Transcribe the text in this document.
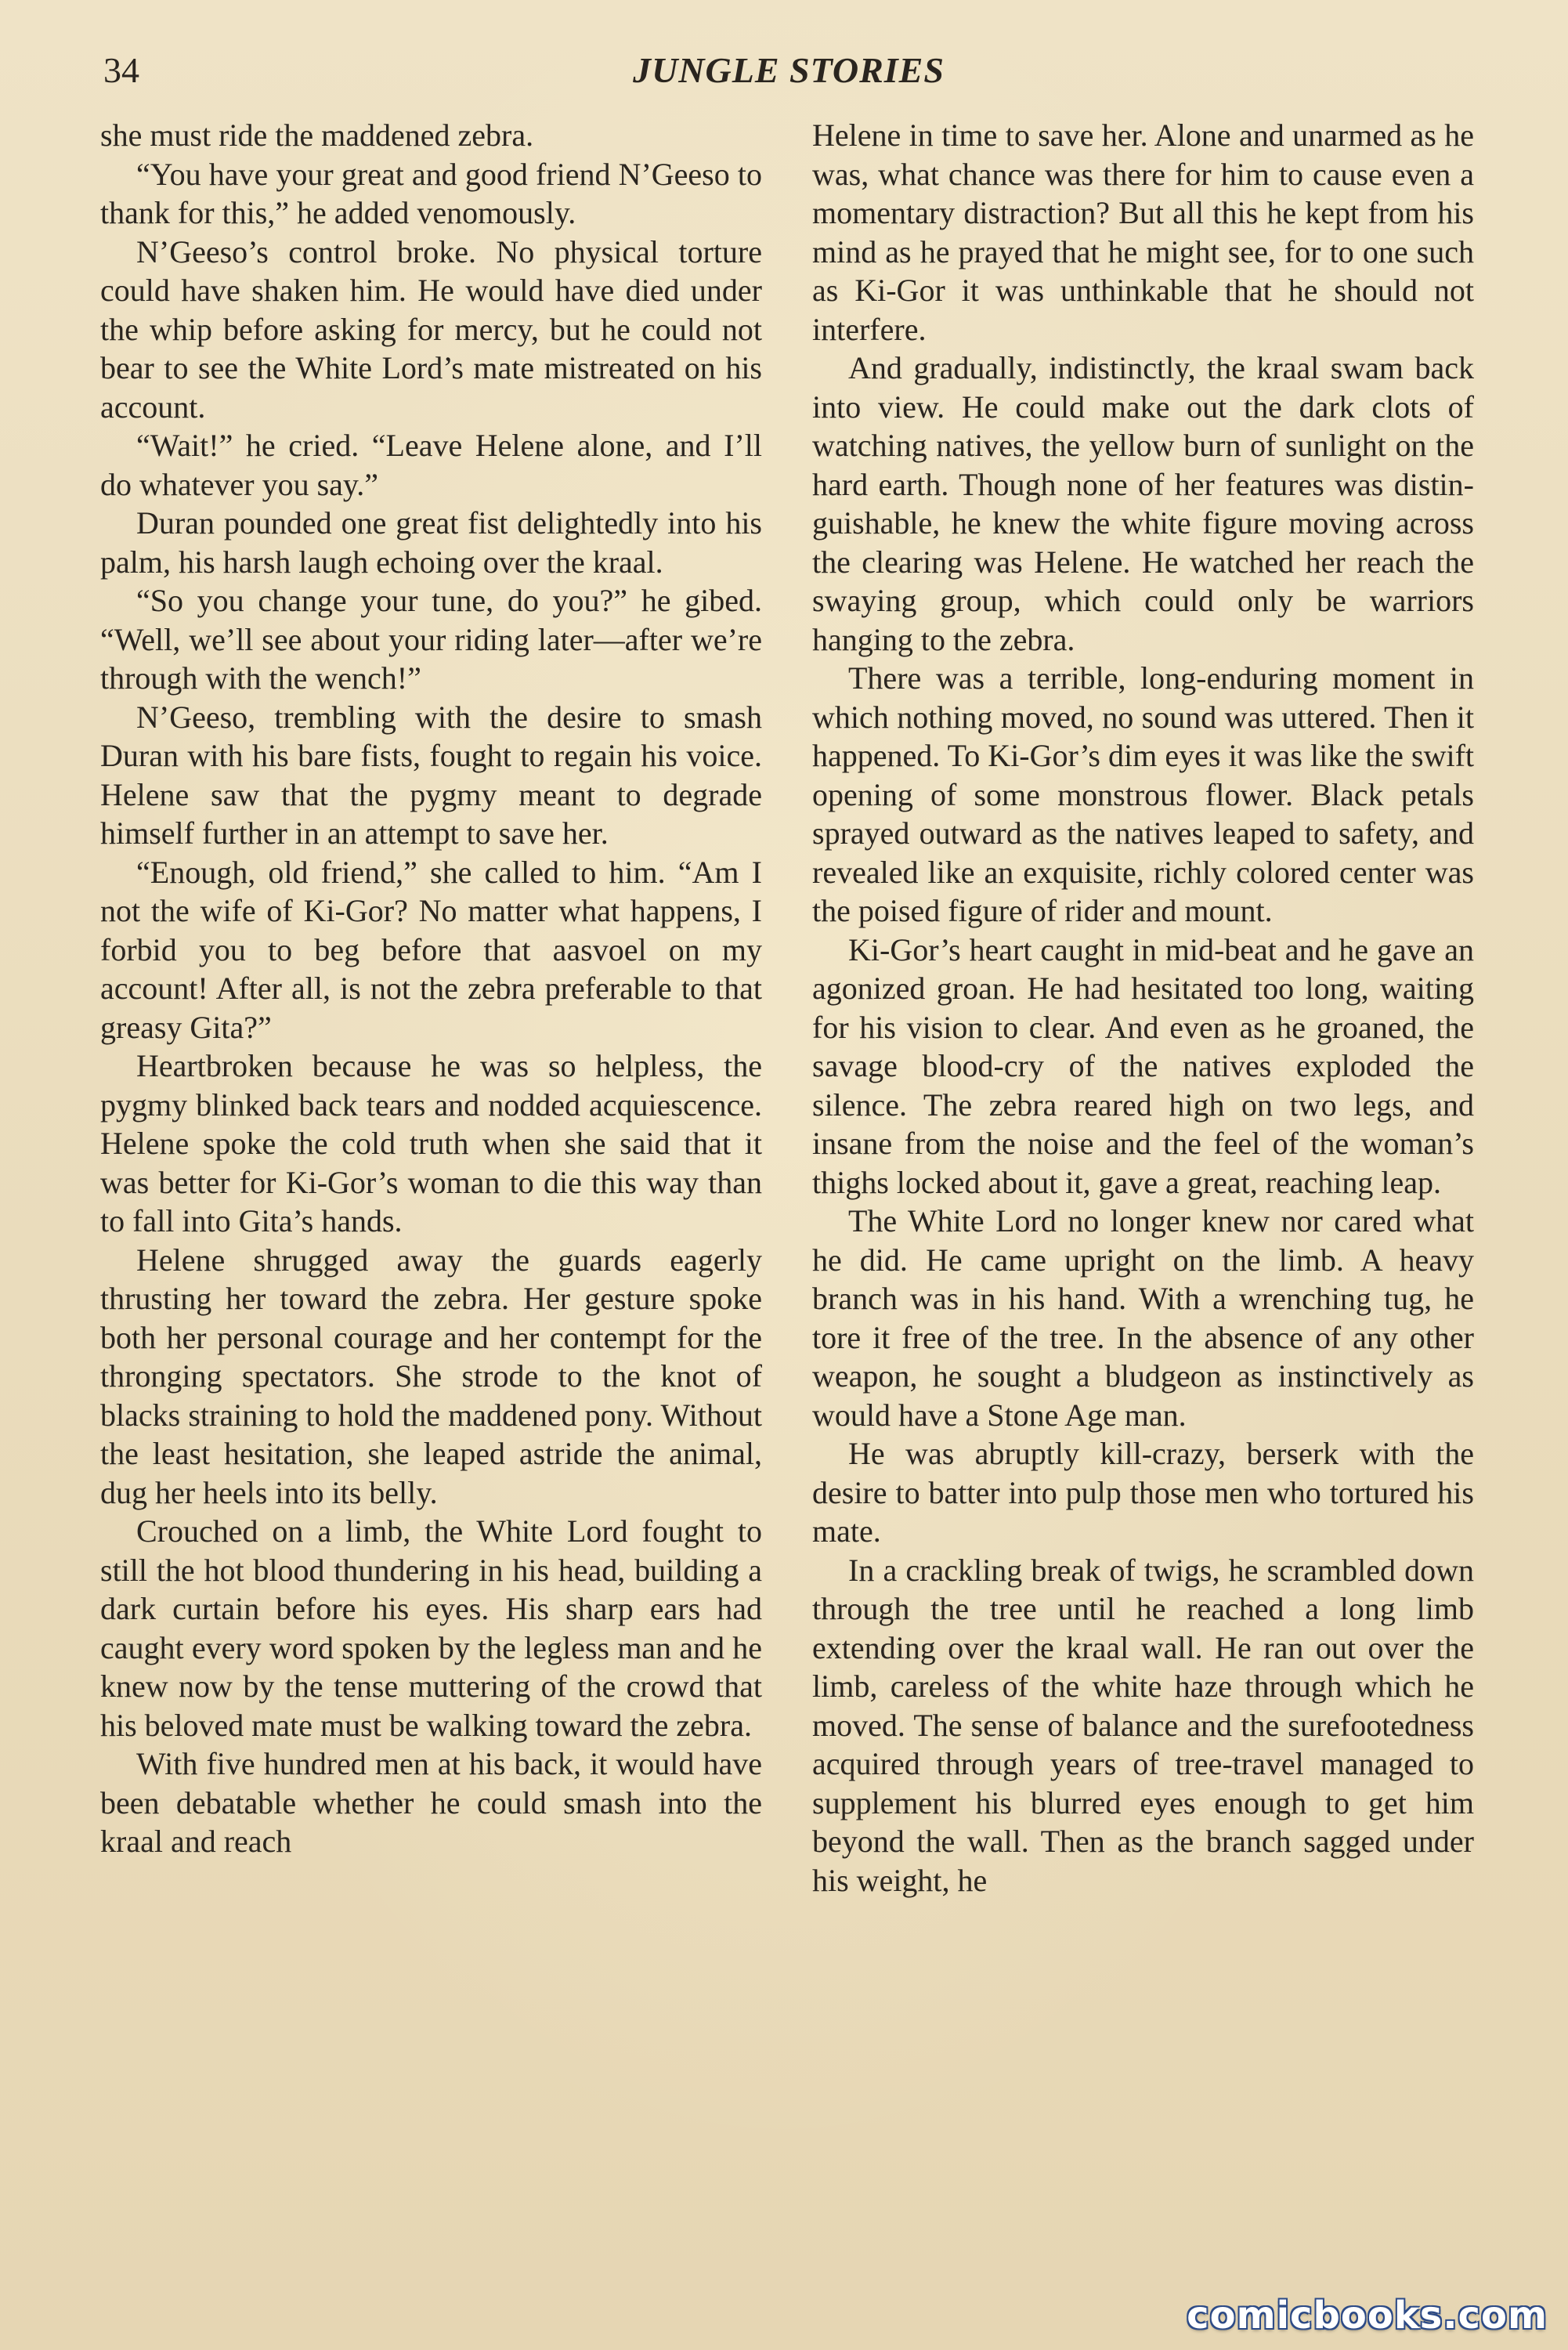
34	JUNGLE STORIES

she must ride the maddened zebra.

“You have your great and good friend N’Geeso to thank for this,” he added venomously.

N’Geeso’s control broke. No physical torture could have shaken him. He would have died under the whip before asking for mercy, but he could not bear to see the White Lord’s mate mistreated on his account.

“Wait!” he cried. “Leave Helene alone, and I’ll do whatever you say.”

Duran pounded one great fist delightedly into his palm, his harsh laugh echoing over the kraal.

“So you change your tune, do you?” he gibed. “Well, we’ll see about your riding later—after we’re through with the wench!”

N’Geeso, trembling with the desire to smash Duran with his bare fists, fought to regain his voice. Helene saw that the pygmy meant to degrade himself further in an attempt to save her.

“Enough, old friend,” she called to him. “Am I not the wife of Ki-Gor? No matter what happens, I forbid you to beg before that aasvoel on my account! After all, is not the zebra preferable to that greasy Gita?”

Heartbroken because he was so helpless, the pygmy blinked back tears and nodded acquiescence. Helene spoke the cold truth when she said that it was better for Ki-Gor’s woman to die this way than to fall into Gita’s hands.

Helene shrugged away the guards eagerly thrusting her toward the zebra. Her gesture spoke both her personal courage and her contempt for the thronging spectators. She strode to the knot of blacks straining to hold the maddened pony. Without the least hesitation, she leaped astride the animal, dug her heels into its belly.

Crouched on a limb, the White Lord fought to still the hot blood thundering in his head, building a dark curtain before his eyes. His sharp ears had caught every word spoken by the legless man and he knew now by the tense muttering of the crowd that his beloved mate must be walking toward the zebra.

With five hundred men at his back, it would have been debatable whether he could smash into the kraal and reach

Helene in time to save her. Alone and unarmed as he was, what chance was there for him to cause even a momentary distraction? But all this he kept from his mind as he prayed that he might see, for to one such as Ki-Gor it was unthinkable that he should not interfere.

And gradually, indistinctly, the kraal swam back into view. He could make out the dark clots of watching natives, the yellow burn of sunlight on the hard earth. Though none of her features was distinguishable, he knew the white figure moving across the clearing was Helene. He watched her reach the swaying group, which could only be warriors hanging to the zebra.

There was a terrible, long-enduring moment in which nothing moved, no sound was uttered. Then it happened. To Ki-Gor’s dim eyes it was like the swift opening of some monstrous flower. Black petals sprayed outward as the natives leaped to safety, and revealed like an exquisite, richly colored center was the poised figure of rider and mount.

Ki-Gor’s heart caught in mid-beat and he gave an agonized groan. He had hesitated too long, waiting for his vision to clear. And even as he groaned, the savage blood-cry of the natives exploded the silence. The zebra reared high on two legs, and insane from the noise and the feel of the woman’s thighs locked about it, gave a great, reaching leap.

The White Lord no longer knew nor cared what he did. He came upright on the limb. A heavy branch was in his hand. With a wrenching tug, he tore it free of the tree. In the absence of any other weapon, he sought a bludgeon as instinctively as would have a Stone Age man.

He was abruptly kill-crazy, berserk with the desire to batter into pulp those men who tortured his mate.

In a crackling break of twigs, he scrambled down through the tree until he reached a long limb extending over the kraal wall. He ran out over the limb, careless of the white haze through which he moved. The sense of balance and the surefootedness acquired through years of tree-travel managed to supplement his blurred eyes enough to get him beyond the wall. Then as the branch sagged under his weight, he

comicbooks.com
